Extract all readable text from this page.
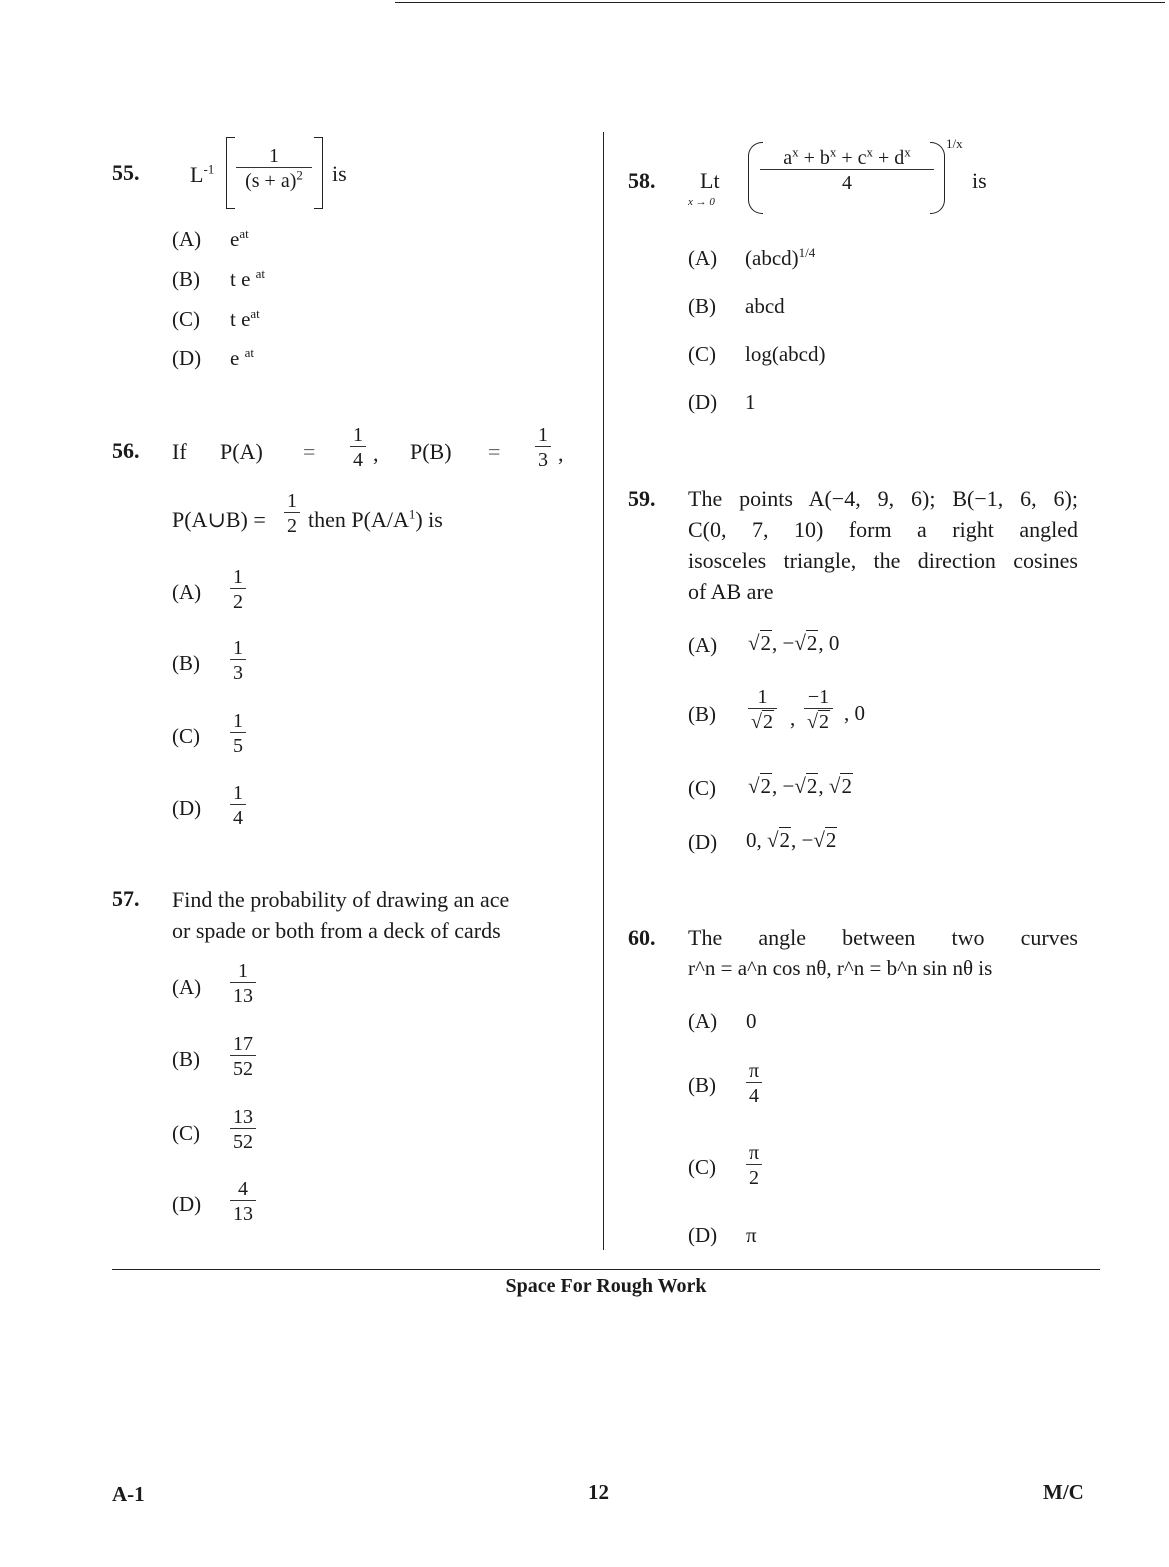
55. $L^{-1} \frac{1}{(s + a)^2}$ is
(A) $e^{at}$
(B) t e $^{at}$
(C) t $e^{at}$
(D) e $^{at}$
56. If $P(A) = \frac{1}{4}$ , $P(B) = \frac{1}{3}$ ,
P(A∪B) = $\frac{1}{2}$ then $P(A/A^1)$ is
$(A) \frac{1}{2}$
$(B) \frac{1}{3}$
$(C) \frac{1}{5}$
$(D) \frac{1}{4}$
57. Find the probability of drawing an ace
or spade or both from a deck of cards
$(A) \frac{1}{13}$
$(B) \frac{17}{52}$
$(C) \frac{13}{52}$
$(D) \frac{4}{13}$
58. Lt
x → 0
$\frac{a^x + b^x + c^x + d^x}{4}$
1/x
is
(A) (abcd)$^{1/4}$
(B) abcd
(C) log(abcd)
(D) 1
59. The points A(−4, 9, 6); B(−1, 6, 6);
C(0, 7, 10) form a right angled
isosceles triangle, the direction cosines
of AB are
(A) √2, −√2, 0
$(B) \frac{1}{√2}$ , $\frac{-1}{√2}$ , 0
(C) √2, −√2, √2
(D) 0, √2, −√2
60. The angle between two curves
r^n = a^n cos nθ, r^n = b^n sin nθ is
(A) 0
$(B) \frac{\pi}{4}$
$(C) \frac{\pi}{2}$
(D) π
Space For Rough Work
A-1	12	M/C
